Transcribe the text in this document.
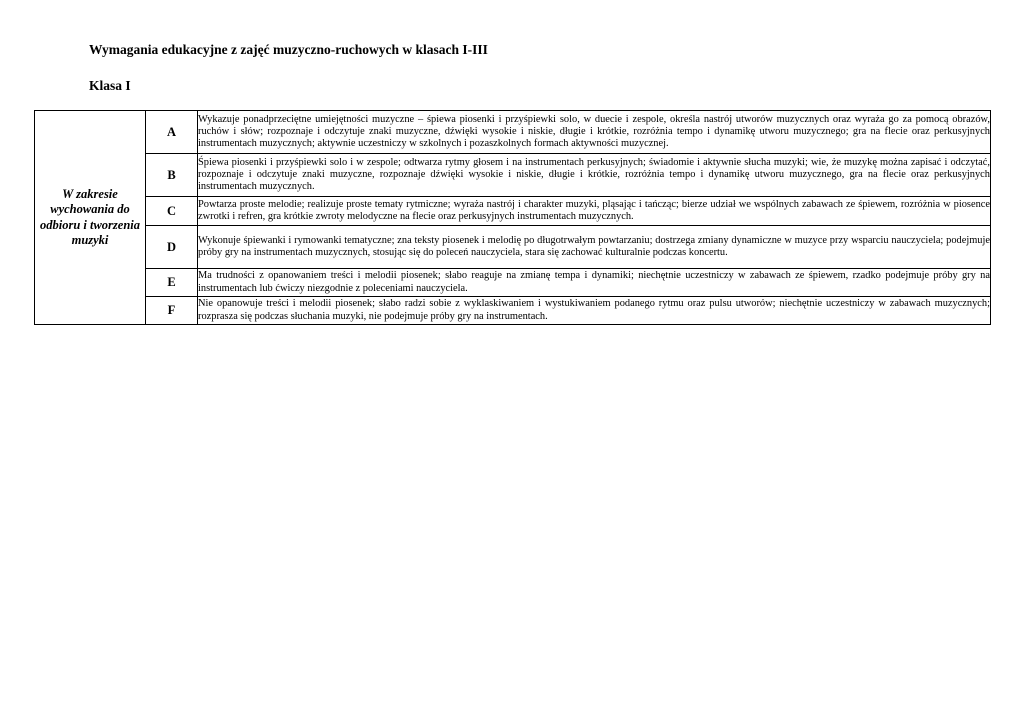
Wymagania edukacyjne z zajęć muzyczno-ruchowych w klasach I-III
Klasa I
W zakresie wychowania do odbioru i tworzenia muzyki	A	Wykazuje ponadprzeciętne umiejętności muzyczne – śpiewa piosenki i przyśpiewki solo, w duecie i zespole, określa nastrój utworów muzycznych oraz wyraża go za pomocą obrazów, ruchów i słów; rozpoznaje i odczytuje znaki muzyczne, dźwięki wysokie i niskie, długie i krótkie, rozróżnia tempo i dynamikę utworu muzycznego; gra na flecie oraz perkusyjnych instrumentach muzycznych; aktywnie uczestniczy w szkolnych i pozaszkolnych formach aktywności muzycznej.
	B	Śpiewa piosenki i przyśpiewki solo i w zespole; odtwarza rytmy głosem i na instrumentach perkusyjnych; świadomie i aktywnie słucha muzyki; wie, że muzykę można zapisać i odczytać, rozpoznaje i odczytuje znaki muzyczne, rozpoznaje dźwięki wysokie i niskie, długie i krótkie, rozróżnia tempo i dynamikę utworu muzycznego, gra na flecie oraz perkusyjnych instrumentach muzycznych.
	C	Powtarza proste melodie; realizuje proste tematy rytmiczne; wyraża nastrój i charakter muzyki, pląsając i tańcząc; bierze udział we wspólnych zabawach ze śpiewem, rozróżnia w piosence zwrotki i refren, gra krótkie zwroty melodyczne na flecie oraz perkusyjnych instrumentach muzycznych.
	D	Wykonuje śpiewanki i rymowanki tematyczne; zna teksty piosenek i melodię po długotrwałym powtarzaniu; dostrzega zmiany dynamiczne w muzyce przy wsparciu nauczyciela; podejmuje próby gry na instrumentach muzycznych, stosując się do poleceń nauczyciela, stara się zachować kulturalnie podczas koncertu.
	E	Ma trudności z opanowaniem treści i melodii piosenek; słabo reaguje na zmianę tempa i dynamiki; niechętnie uczestniczy w zabawach ze śpiewem, rzadko podejmuje próby gry na instrumentach lub ćwiczy niezgodnie z poleceniami nauczyciela.
	F	Nie opanowuje treści i melodii piosenek; słabo radzi sobie z wyklaskiwaniem i wystukiwaniem podanego rytmu oraz pulsu utworów; niechętnie uczestniczy w zabawach muzycznych; rozprasza się podczas słuchania muzyki, nie podejmuje próby gry na instrumentach.
